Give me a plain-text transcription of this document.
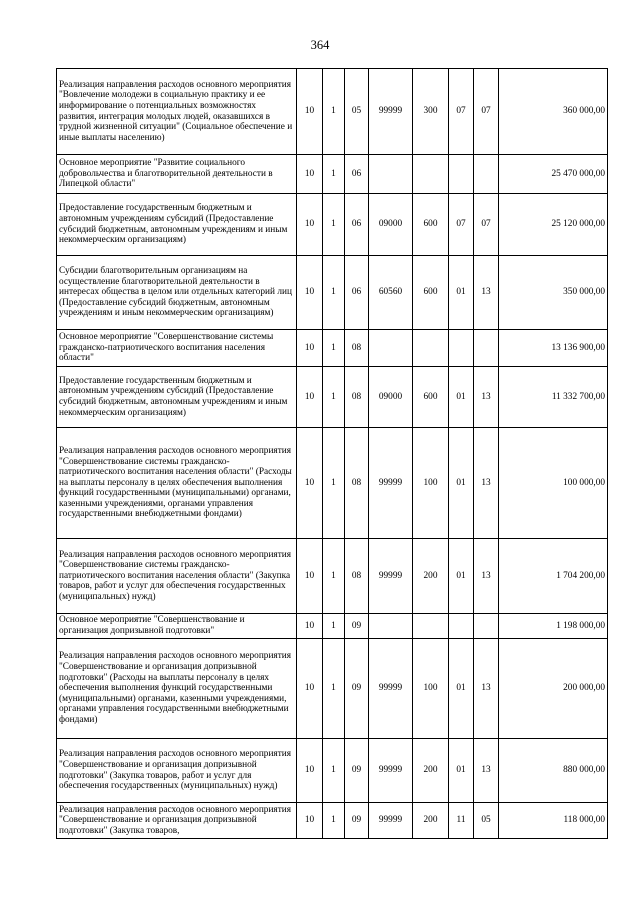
364
Реализация направления расходов основного мероприятия "Вовлечение молодежи в социальную практику и ее информирование о потенциальных возможностях развития, интеграция молодых людей, оказавшихся в трудной жизненной ситуации" (Социальное обеспечение и иные выплаты населению)	10	1	05	99999	300	07	07	360 000,00
Основное мероприятие "Развитие социального добровольчества и благотворительной деятельности в Липецкой области"	10	1	06					25 470 000,00
Предоставление государственным бюджетным и автономным учреждениям субсидий (Предоставление субсидий бюджетным, автономным учреждениям и иным некоммерческим организациям)	10	1	06	09000	600	07	07	25 120 000,00
Субсидии благотворительным организациям на осуществление благотворительной деятельности в интересах общества в целом или отдельных категорий лиц (Предоставление субсидий бюджетным, автономным учреждениям и иным некоммерческим организациям)	10	1	06	60560	600	01	13	350 000,00
Основное мероприятие "Совершенствование системы гражданско-патриотического воспитания населения области"	10	1	08					13 136 900,00
Предоставление государственным бюджетным и автономным учреждениям субсидий (Предоставление субсидий бюджетным, автономным учреждениям и иным некоммерческим организациям)	10	1	08	09000	600	01	13	11 332 700,00
Реализация направления расходов основного мероприятия "Совершенствование системы гражданско-патриотического воспитания населения области" (Расходы на выплаты персоналу в целях обеспечения выполнения функций государственными (муниципальными) органами, казенными учреждениями, органами управления государственными внебюджетными фондами)	10	1	08	99999	100	01	13	100 000,00
Реализация направления расходов основного мероприятия "Совершенствование системы гражданско-патриотического воспитания населения области" (Закупка товаров, работ и услуг для обеспечения государственных (муниципальных) нужд)	10	1	08	99999	200	01	13	1 704 200,00
Основное мероприятие "Совершенствование и организация допризывной подготовки"	10	1	09					1 198 000,00
Реализация направления расходов основного мероприятия "Совершенствование и организация допризывной подготовки" (Расходы на выплаты персоналу в целях обеспечения выполнения функций государственными (муниципальными) органами, казенными учреждениями, органами управления государственными внебюджетными фондами)	10	1	09	99999	100	01	13	200 000,00
Реализация направления расходов основного мероприятия "Совершенствование и организация допризывной подготовки" (Закупка товаров, работ и услуг для обеспечения государственных (муниципальных) нужд)	10	1	09	99999	200	01	13	880 000,00
Реализация направления расходов основного мероприятия "Совершенствование и организация допризывной подготовки" (Закупка товаров,	10	1	09	99999	200	11	05	118 000,00
